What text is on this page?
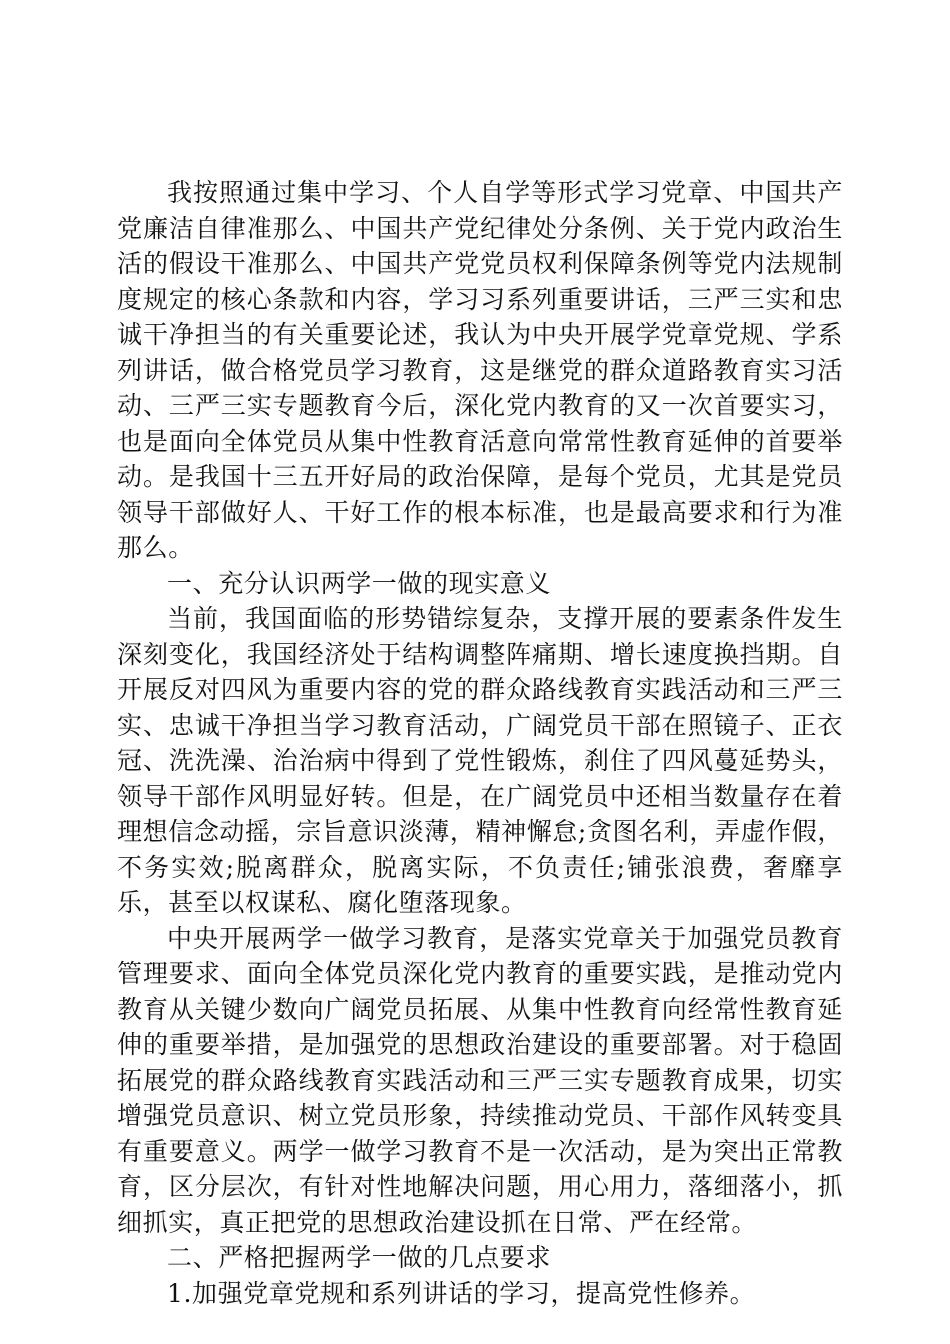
我按照通过集中学习、个人自学等形式学习党章、中国共产党廉洁自律准那么、中国共产党纪律处分条例、关于党内政治生活的假设干准那么、中国共产党党员权利保障条例等党内法规制度规定的核心条款和内容，学习习系列重要讲话，三严三实和忠诚干净担当的有关重要论述，我认为中央开展学党章党规、学系列讲话，做合格党员学习教育，这是继党的群众道路教育实习活动、三严三实专题教育今后，深化党内教育的又一次首要实习，也是面向全体党员从集中性教育活意向常常性教育延伸的首要举动。是我国十三五开好局的政治保障，是每个党员，尤其是党员领导干部做好人、干好工作的根本标准，也是最高要求和行为准那么。

一、充分认识两学一做的现实意义

当前，我国面临的形势错综复杂，支撑开展的要素条件发生深刻变化，我国经济处于结构调整阵痛期、增长速度换挡期。自开展反对四风为重要内容的党的群众路线教育实践活动和三严三实、忠诚干净担当学习教育活动，广阔党员干部在照镜子、正衣冠、洗洗澡、治治病中得到了党性锻炼，刹住了四风蔓延势头，领导干部作风明显好转。但是，在广阔党员中还相当数量存在着理想信念动摇，宗旨意识淡薄，精神懈怠;贪图名利，弄虚作假，不务实效;脱离群众，脱离实际，不负责任;铺张浪费，奢靡享乐，甚至以权谋私、腐化堕落现象。

中央开展两学一做学习教育，是落实党章关于加强党员教育管理要求、面向全体党员深化党内教育的重要实践，是推动党内教育从关键少数向广阔党员拓展、从集中性教育向经常性教育延伸的重要举措，是加强党的思想政治建设的重要部署。对于稳固拓展党的群众路线教育实践活动和三严三实专题教育成果，切实增强党员意识、树立党员形象，持续推动党员、干部作风转变具有重要意义。两学一做学习教育不是一次活动，是为突出正常教育，区分层次，有针对性地解决问题，用心用力，落细落小，抓细抓实，真正把党的思想政治建设抓在日常、严在经常。

二、严格把握两学一做的几点要求

1.加强党章党规和系列讲话的学习，提高党性修养。
